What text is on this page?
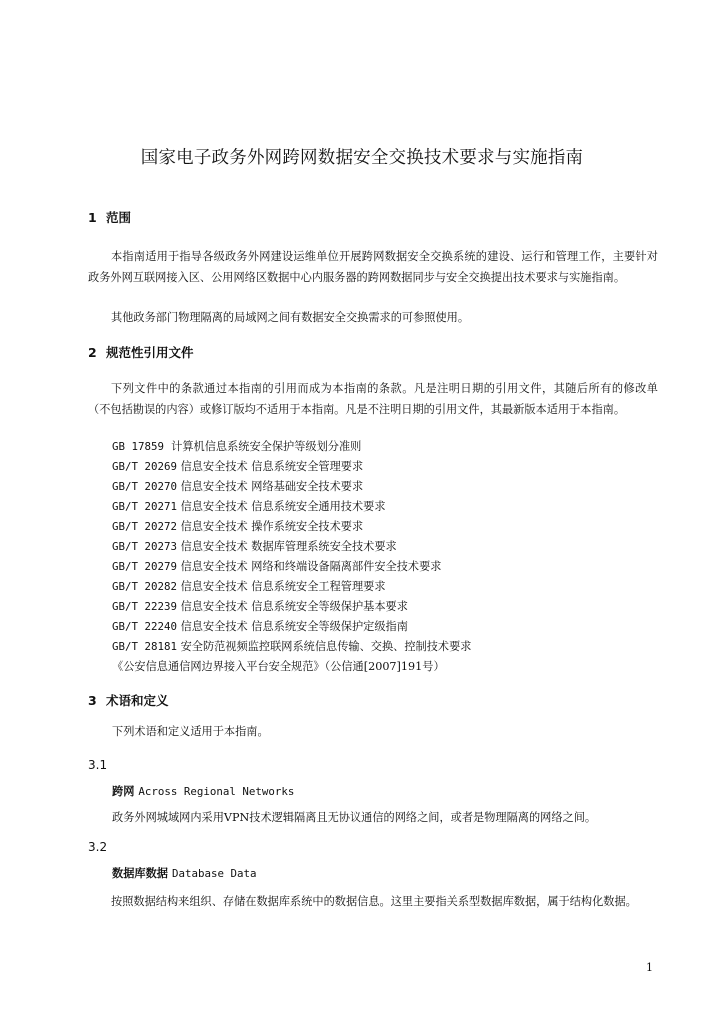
国家电子政务外网跨网数据安全交换技术要求与实施指南
1 范围

本指南适用于指导各级政务外网建设运维单位开展跨网数据安全交换系统的建设、运行和管理工作，主要针对政务外网互联网接入区、公用网络区数据中心内服务器的跨网数据同步与安全交换提出技术要求与实施指南。

其他政务部门物理隔离的局域网之间有数据安全交换需求的可参照使用。

2 规范性引用文件

下列文件中的条款通过本指南的引用而成为本指南的条款。凡是注明日期的引用文件，其随后所有的修改单（不包括勘误的内容）或修订版均不适用于本指南。凡是不注明日期的引用文件，其最新版本适用于本指南。

GB 17859 计算机信息系统安全保护等级划分准则
GB/T 20269 信息安全技术 信息系统安全管理要求
GB/T 20270 信息安全技术 网络基础安全技术要求
GB/T 20271 信息安全技术 信息系统安全通用技术要求
GB/T 20272 信息安全技术 操作系统安全技术要求
GB/T 20273 信息安全技术 数据库管理系统安全技术要求
GB/T 20279 信息安全技术 网络和终端设备隔离部件安全技术要求
GB/T 20282 信息安全技术 信息系统安全工程管理要求
GB/T 22239 信息安全技术 信息系统安全等级保护基本要求
GB/T 22240 信息安全技术 信息系统安全等级保护定级指南
GB/T 28181 安全防范视频监控联网系统信息传输、交换、控制技术要求
《公安信息通信网边界接入平台安全规范》（公信通[2007]191号）
3 术语和定义
下列术语和定义适用于本指南。
3.1
跨网 Across Regional Networks
政务外网城域网内采用VPN技术逻辑隔离且无协议通信的网络之间，或者是物理隔离的网络之间。
3.2
数据库数据 Database Data

按照数据结构来组织、存储在数据库系统中的数据信息。这里主要指关系型数据库数据，属于结构化数据。

1
